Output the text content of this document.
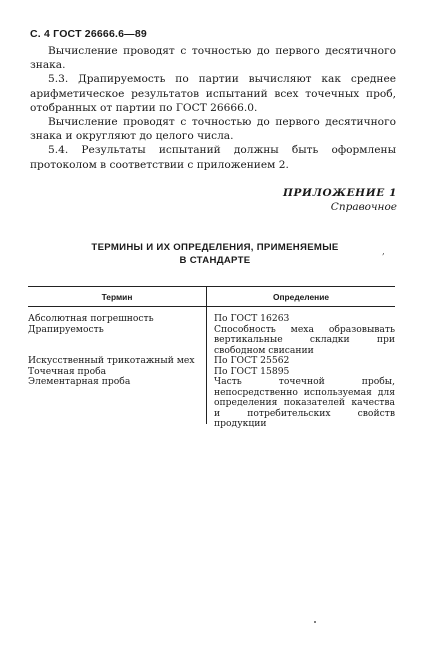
С. 4 ГОСТ 26666.6—89

Вычисление проводят с точностью до первого десятичного знака.

5.3. Драпируемость по партии вычисляют как среднее арифметическое результатов испытаний всех точечных проб, отобранных от партии по ГОСТ 26666.0.

Вычисление проводят с точностью до первого десятичного знака и округляют до целого числа.

5.4. Результаты испытаний должны быть оформлены протоколом в соответствии с приложением 2.

ПРИЛОЖЕНИЕ 1
Справочное
ТЕРМИНЫ И ИХ ОПРЕДЕЛЕНИЯ, ПРИМЕНЯЕМЫЕ
В СТАНДАРТЕ
,
Термин	Определение
Абсолютная погрешность
Драпируемость
Искусственный трикотажный мех
Точечная проба
Элементарная проба
По ГОСТ 16263
Способность меха образовывать вертикальные складки при свободном свисании
По ГОСТ 25562
По ГОСТ 15895
Часть точечной пробы, непосредственно используемая для определения показателей качества и потребительских свойств продукции
